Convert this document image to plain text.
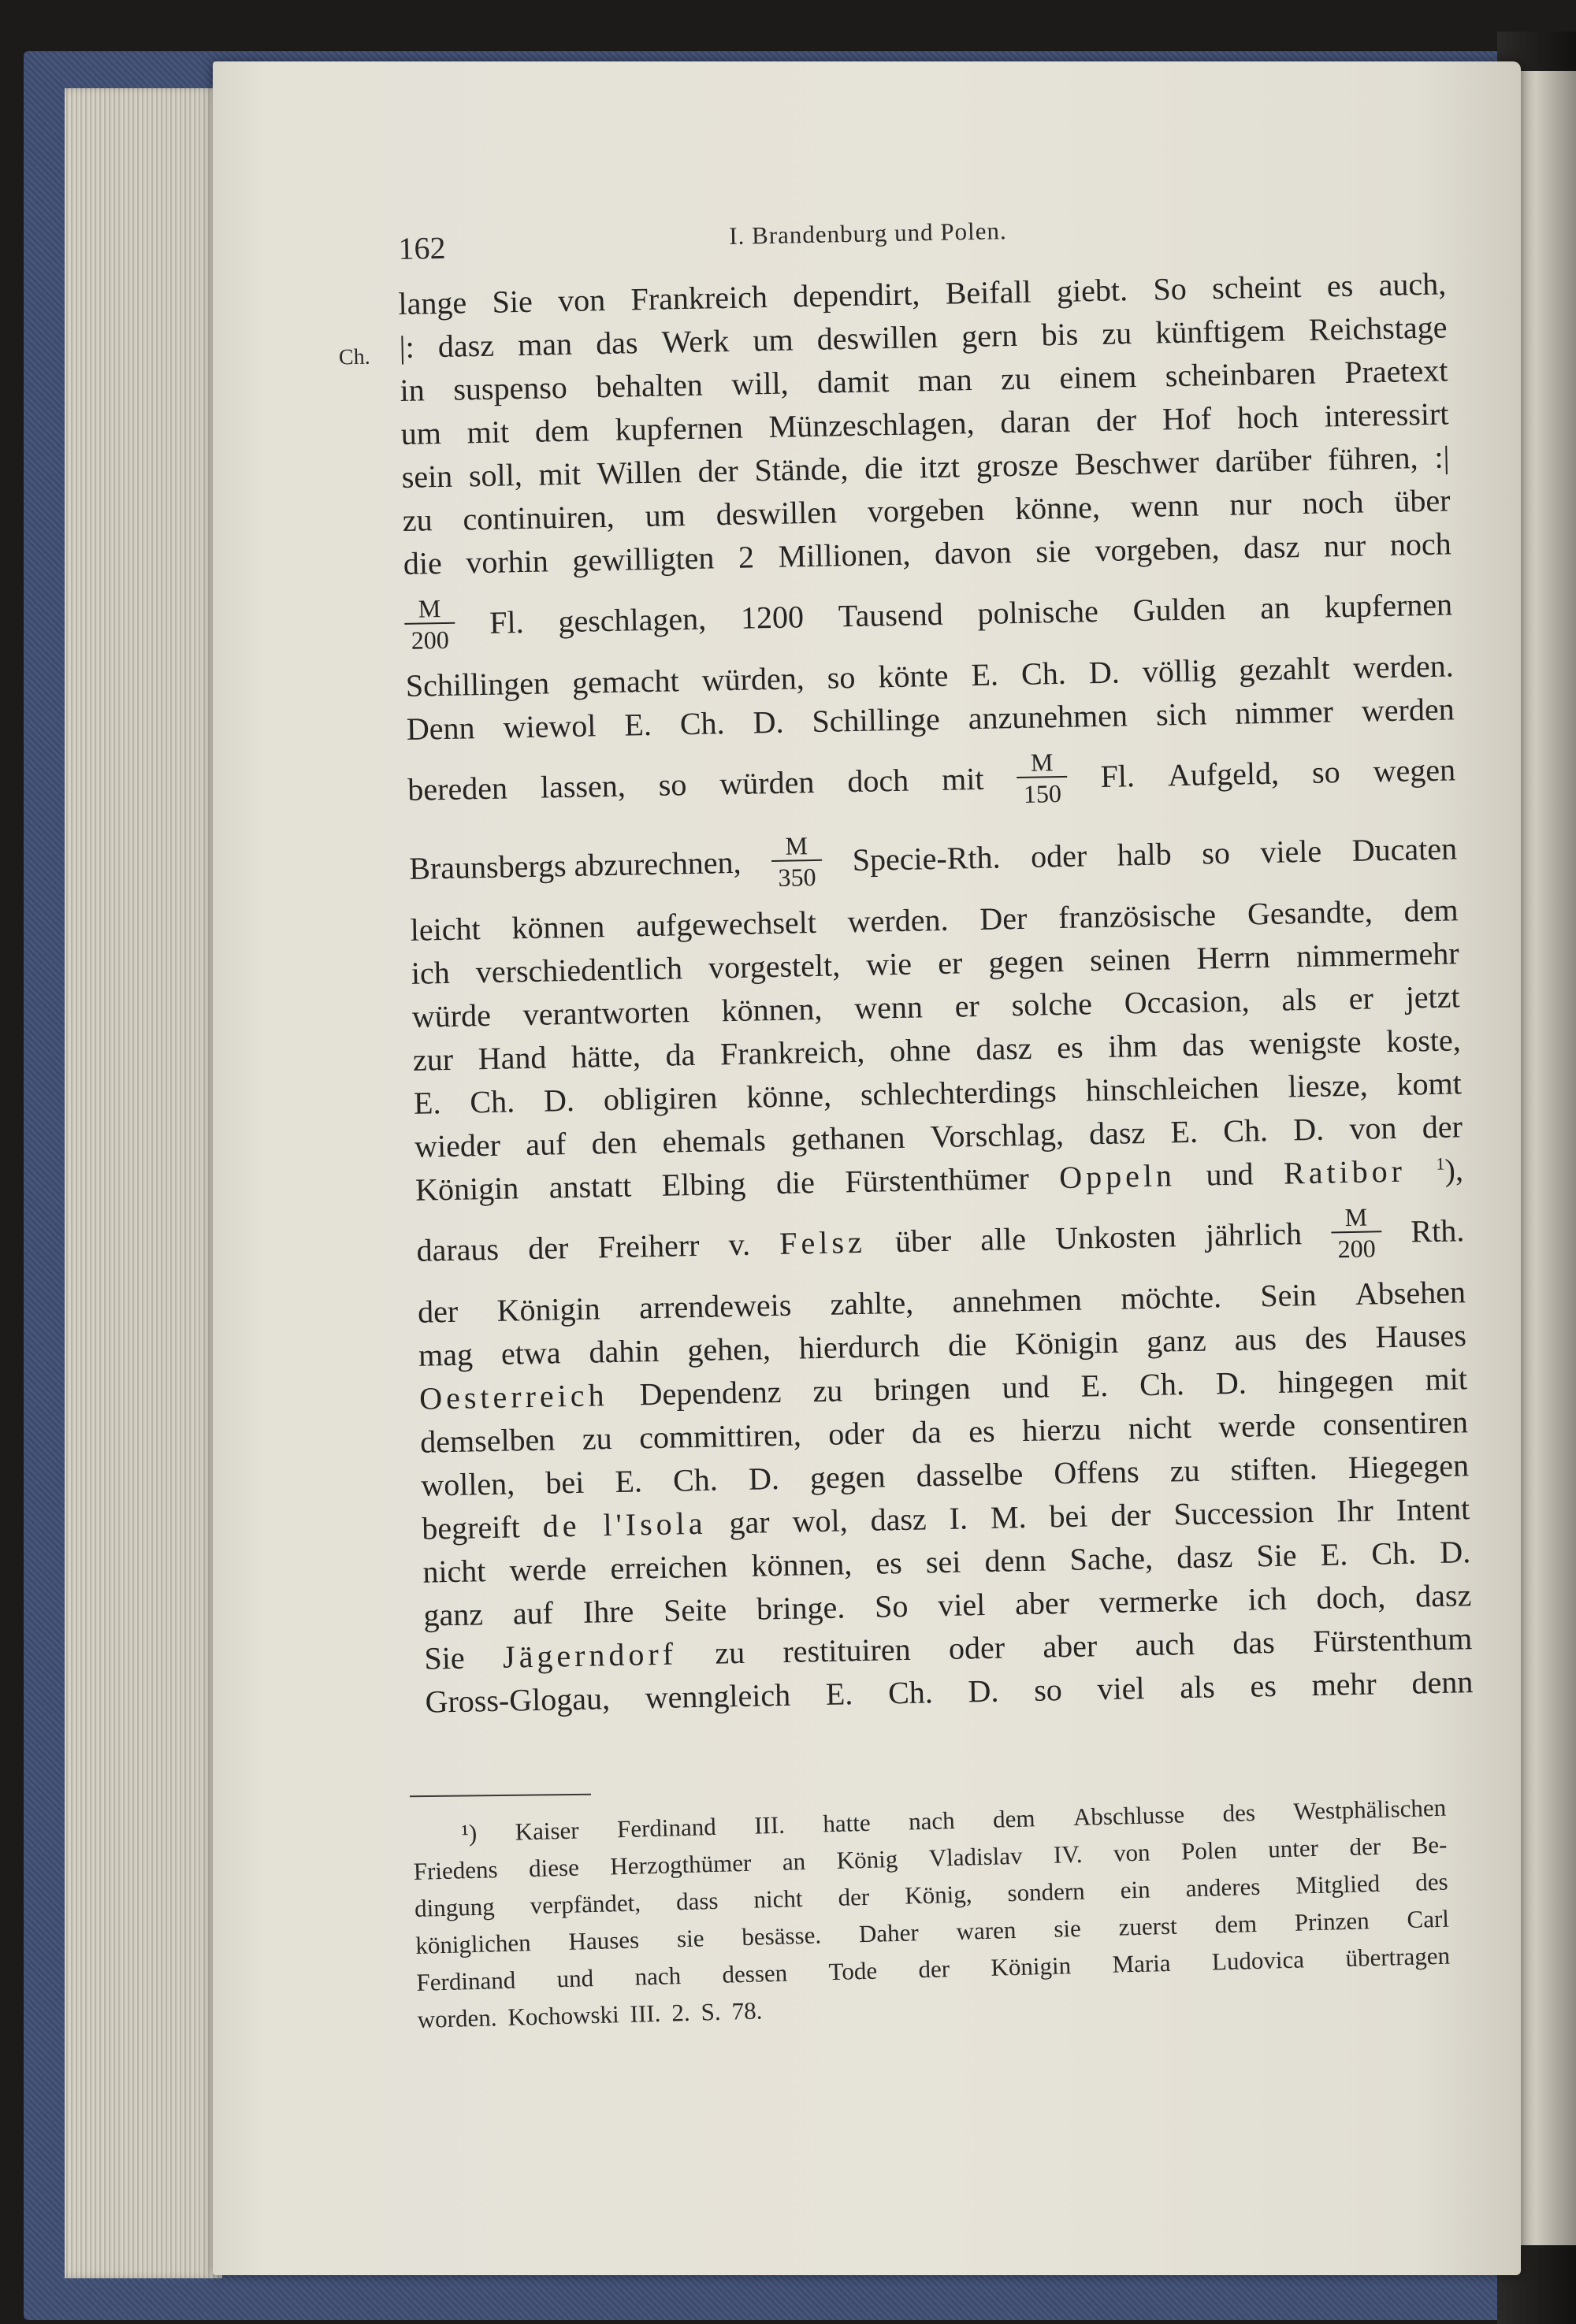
162	I. Brandenburg und Polen.
Ch.
lange Sie von Frankreich dependirt, Beifall giebt. So scheint es auch,
|: dasz man das Werk um deswillen gern bis zu künftigem Reichstage
in suspenso behalten will, damit man zu einem scheinbaren Praetext
um mit dem kupfernen Münzeschlagen, daran der Hof hoch interessirt
sein soll, mit Willen der Stände, die itzt grosze Beschwer darüber führen, :|
zu continuiren, um deswillen vorgeben könne, wenn nur noch über
die vorhin gewilligten 2 Millionen, davon sie vorgeben, dasz nur noch
$\frac{M}{200} Fl$. geschlagen, 1200 Tausend polnische Gulden an kupfernen
Schillingen gemacht würden, so könte E. Ch. D. völlig gezahlt werden.
Denn wiewol E. Ch. D. Schillinge anzunehmen sich nimmer werden
bereden lassen, so würden doch mit $\frac{M}{150} Fl$. Aufgeld, so wegen
Braunsbergs abzurechnen, $\frac{M}{350}$ Specie-Rth. oder halb so viele Ducaten
leicht können aufgewechselt werden. Der französische Gesandte, dem
ich verschiedentlich vorgestelt, wie er gegen seinen Herrn nimmermehr
würde verantworten können, wenn er solche Occasion, als er jetzt
zur Hand hätte, da Frankreich, ohne dasz es ihm das wenigste koste,
E. Ch. D. obligiren könne, schlechterdings hinschleichen liesze, komt
wieder auf den ehemals gethanen Vorschlag, dasz E. Ch. D. von der
Königin anstatt Elbing die Fürstenthümer Oppeln und Ratibor $^1$),
daraus der Freiherr v. Felsz über alle Unkosten jährlich $\frac{M}{200}$ Rth.
der Königin arrendeweis zahlte, annehmen möchte. Sein Absehen
mag etwa dahin gehen, hierdurch die Königin ganz aus des Hauses
Oesterreich Dependenz zu bringen und E. Ch. D. hingegen mit
demselben zu committiren, oder da es hierzu nicht werde consentiren
wollen, bei E. Ch. D. gegen dasselbe Offens zu stiften. Hiegegen
begreift de l'Isola gar wol, dasz I. M. bei der Succession Ihr Intent
nicht werde erreichen können, es sei denn Sache, dasz Sie E. Ch. D.
ganz auf Ihre Seite bringe. So viel aber vermerke ich doch, dasz
Sie Jägerndorf zu restituiren oder aber auch das Fürstenthum
Gross-Glogau, wenngleich E. Ch. D. so viel als es mehr denn
¹) Kaiser Ferdinand III. hatte nach dem Abschlusse des Westphälischen
Friedens diese Herzogthümer an König Vladislav IV. von Polen unter der Be-
dingung verpfändet, dass nicht der König, sondern ein anderes Mitglied des
königlichen Hauses sie besässe. Daher waren sie zuerst dem Prinzen Carl
Ferdinand und nach dessen Tode der Königin Maria Ludovica übertragen
worden. Kochowski III. 2. S. 78.
